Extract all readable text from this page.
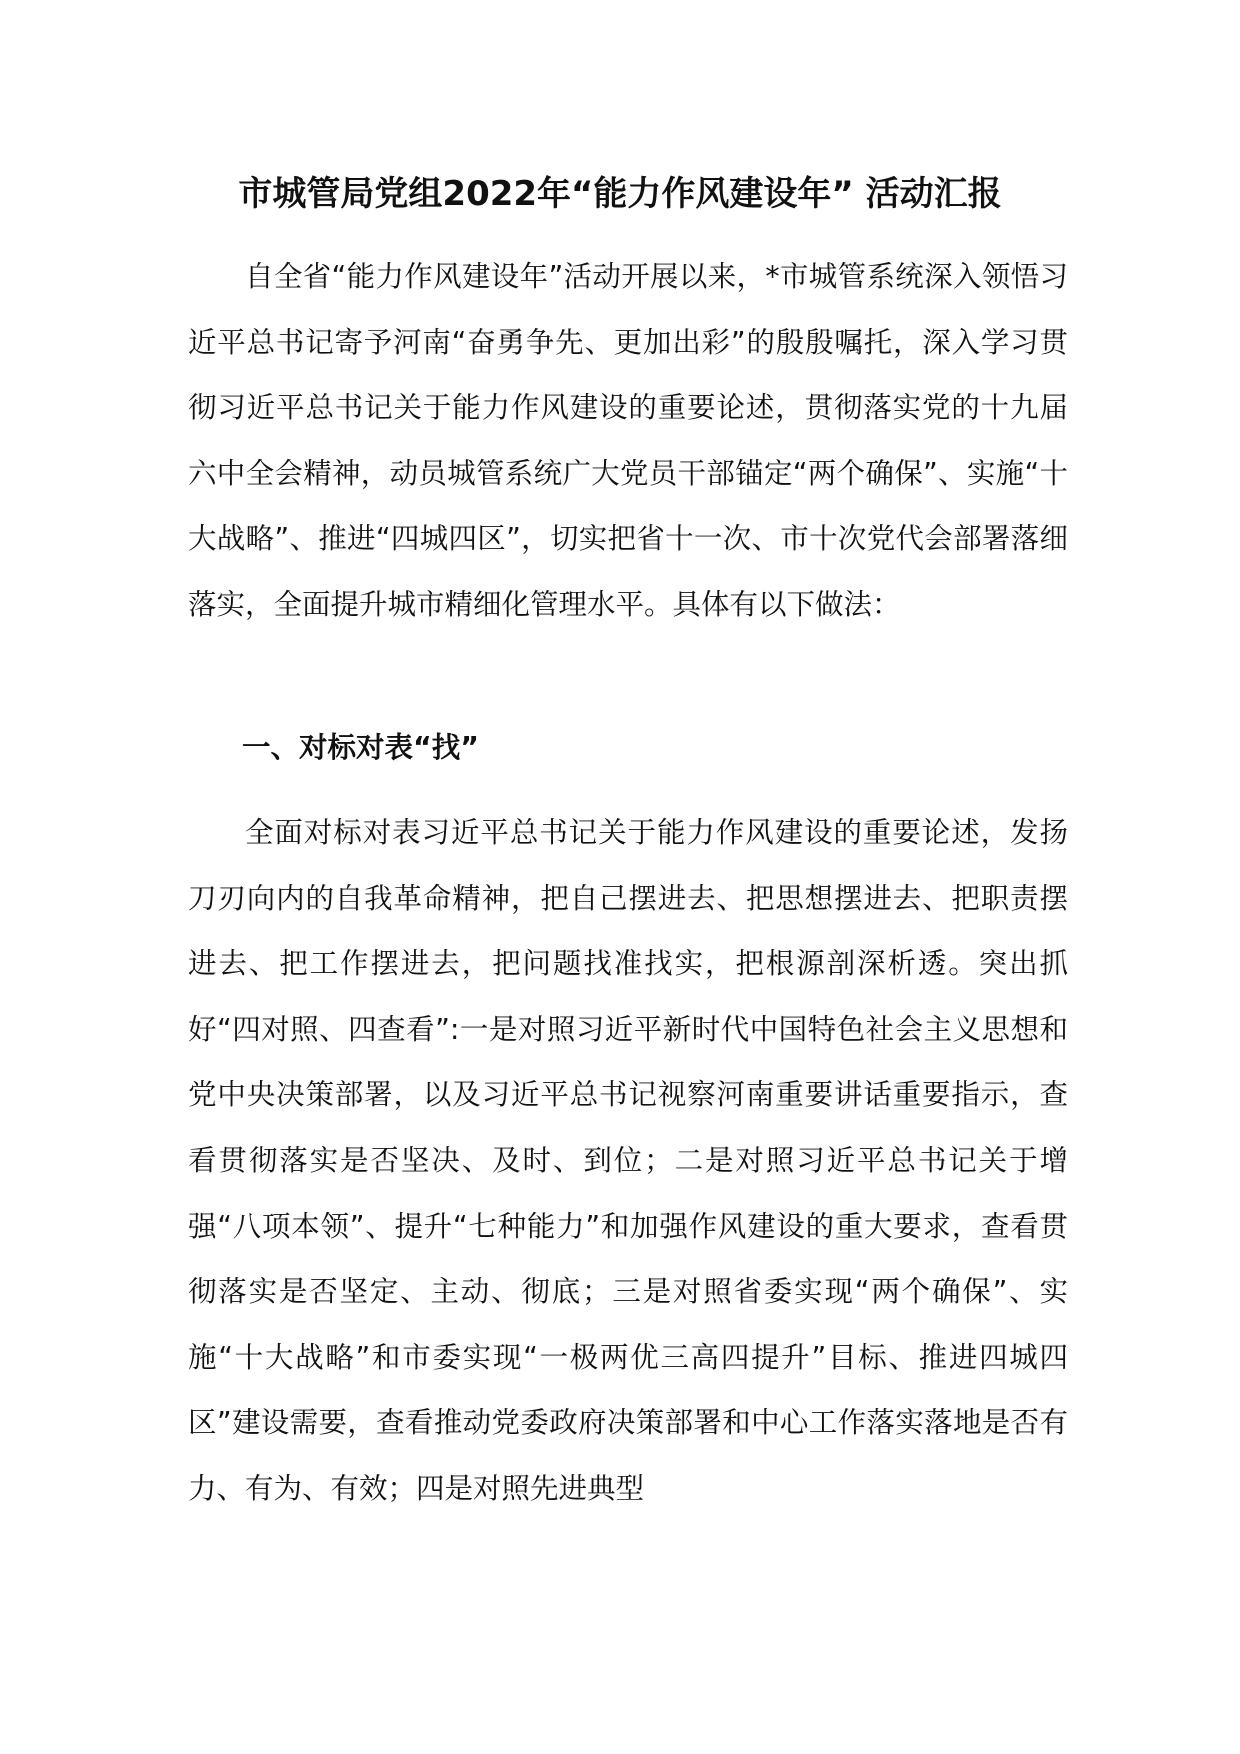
市城管局党组2022年“能力作风建设年” 活动汇报

自全省“能力作风建设年”活动开展以来，*市城管系统深入领悟习近平总书记寄予河南“奋勇争先、更加出彩”的殷殷嘱托，深入学习贯彻习近平总书记关于能力作风建设的重要论述，贯彻落实党的十九届六中全会精神，动员城管系统广大党员干部锚定“两个确保”、实施“十大战略”、推进“四城四区”，切实把省十一次、市十次党代会部署落细落实，全面提升城市精细化管理水平。具体有以下做法：

一、对标对表“找”

全面对标对表习近平总书记关于能力作风建设的重要论述，发扬刀刃向内的自我革命精神，把自己摆进去、把思想摆进去、把职责摆进去、把工作摆进去，把问题找准找实，把根源剖深析透。突出抓好“四对照、四查看”:一是对照习近平新时代中国特色社会主义思想和党中央决策部署，以及习近平总书记视察河南重要讲话重要指示，查看贯彻落实是否坚决、及时、到位；二是对照习近平总书记关于增强“八项本领”、提升“七种能力”和加强作风建设的重大要求，查看贯彻落实是否坚定、主动、彻底；三是对照省委实现“两个确保”、实施“十大战略”和市委实现“一极两优三高四提升”目标、推进四城四区”建设需要，查看推动党委政府决策部署和中心工作落实落地是否有力、有为、有效；四是对照先进典型
